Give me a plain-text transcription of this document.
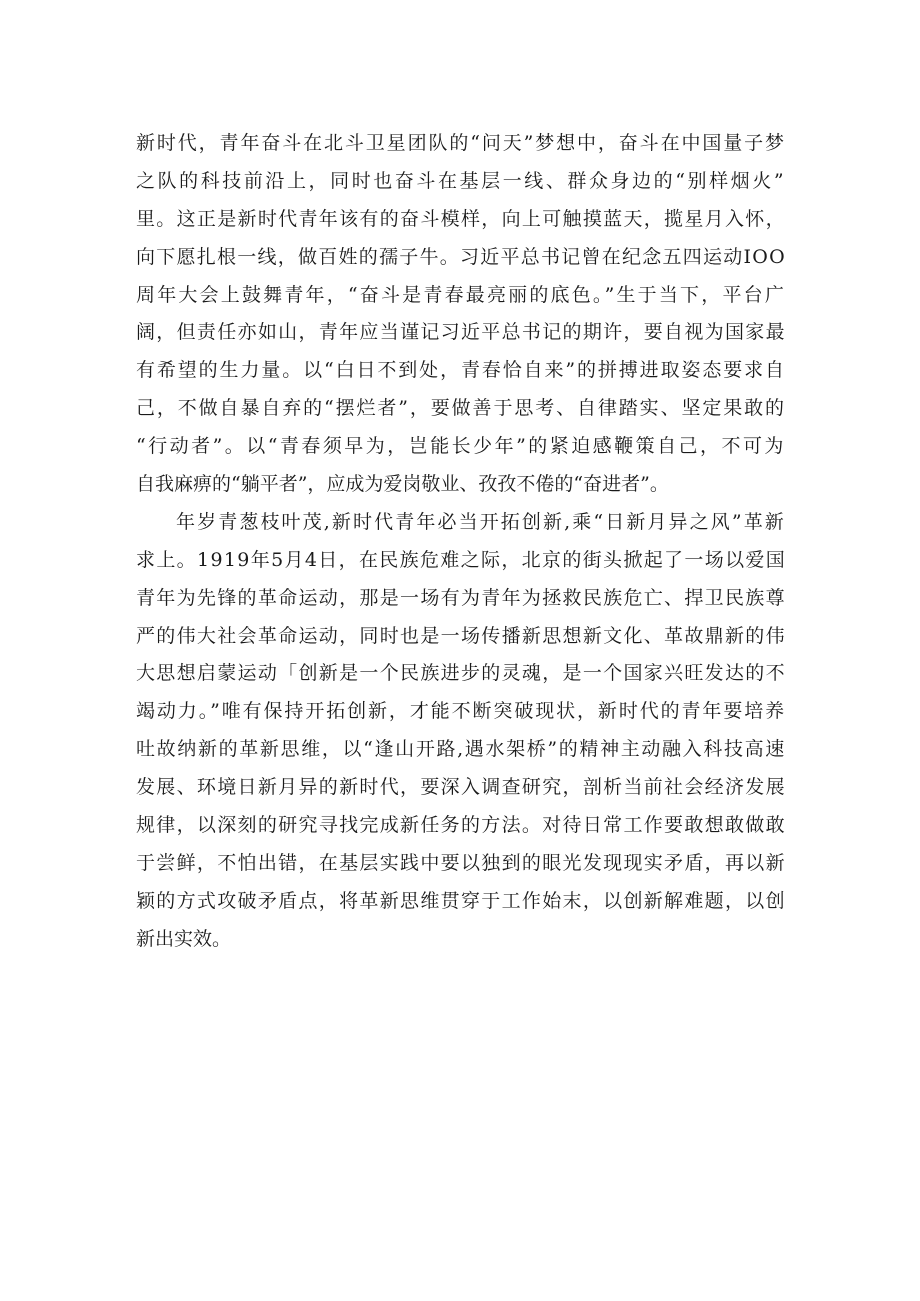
新时代，青年奋斗在北斗卫星团队的“问天”梦想中，奋斗在中国量子梦
之队的科技前沿上，同时也奋斗在基层一线、群众身边的“别样烟火”
里。这正是新时代青年该有的奋斗模样，向上可触摸蓝天，揽星月入怀，
向下愿扎根一线，做百姓的孺子牛。习近平总书记曾在纪念五四运动IOO
周年大会上鼓舞青年，“奋斗是青春最亮丽的底色。”生于当下，平台广
阔，但责任亦如山，青年应当谨记习近平总书记的期许，要自视为国家最
有希望的生力量。以“白日不到处，青春恰自来”的拼搏进取姿态要求自
己，不做自暴自弃的“摆烂者”，要做善于思考、自律踏实、坚定果敢的
“行动者”。以“青春须早为，岂能长少年”的紧迫感鞭策自己，不可为
自我麻痹的“躺平者”，应成为爱岗敬业、孜孜不倦的“奋进者”。
年岁青葱枝叶茂,新时代青年必当开拓创新,乘“日新月异之风”革新
求上。1919年5月4日，在民族危难之际，北京的街头掀起了一场以爱国
青年为先锋的革命运动，那是一场有为青年为拯救民族危亡、捍卫民族尊
严的伟大社会革命运动，同时也是一场传播新思想新文化、革故鼎新的伟
大思想启蒙运动「创新是一个民族进步的灵魂，是一个国家兴旺发达的不
竭动力。”唯有保持开拓创新，才能不断突破现状，新时代的青年要培养
吐故纳新的革新思维，以“逢山开路,遇水架桥”的精神主动融入科技高速
发展、环境日新月异的新时代，要深入调查研究，剖析当前社会经济发展
规律，以深刻的研究寻找完成新任务的方法。对待日常工作要敢想敢做敢
于尝鲜，不怕出错，在基层实践中要以独到的眼光发现现实矛盾，再以新
颖的方式攻破矛盾点，将革新思维贯穿于工作始末，以创新解难题，以创
新出实效。
